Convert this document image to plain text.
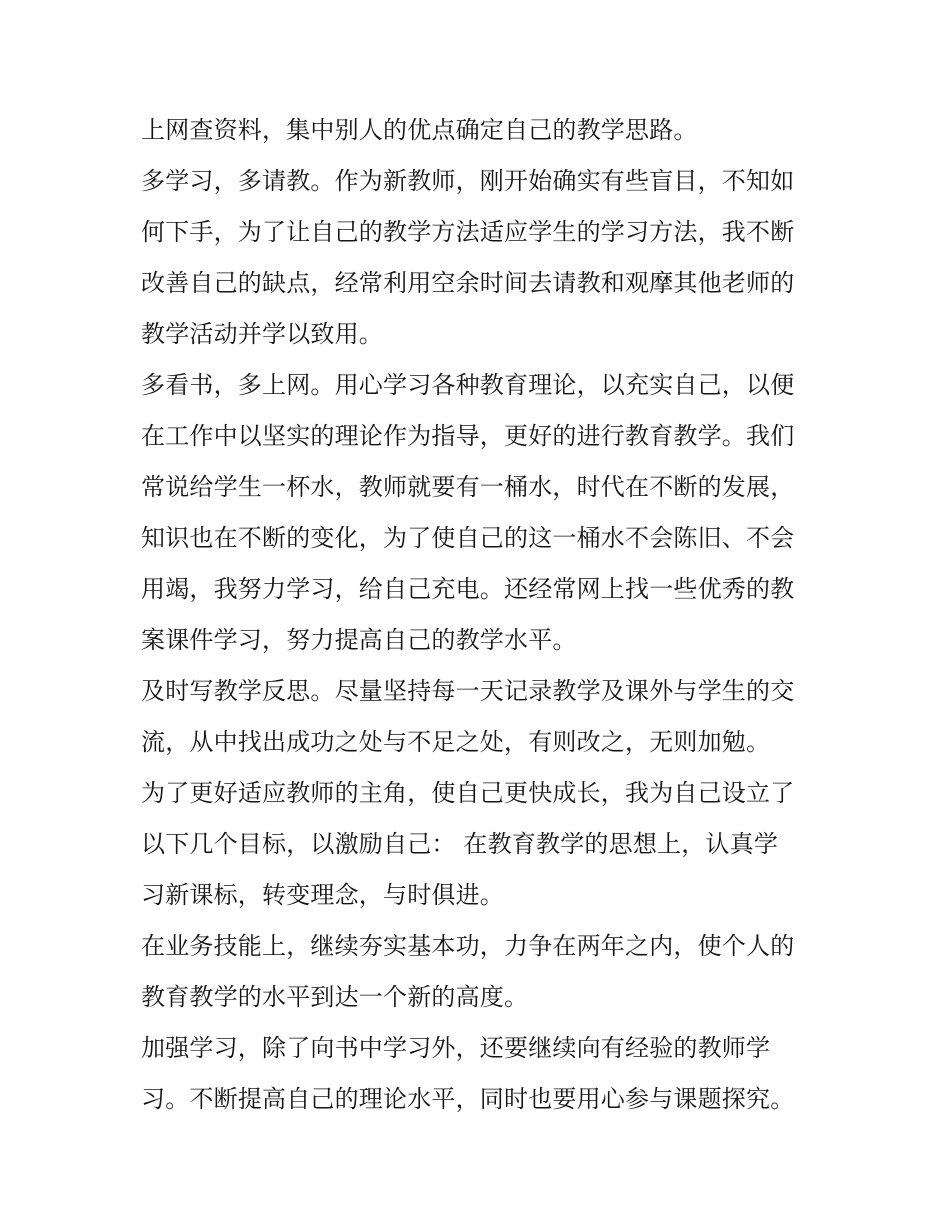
上网查资料，集中别人的优点确定自己的教学思路。
多学习，多请教。作为新教师，刚开始确实有些盲目，不知如
何下手，为了让自己的教学方法适应学生的学习方法，我不断
改善自己的缺点，经常利用空余时间去请教和观摩其他老师的
教学活动并学以致用。
多看书，多上网。用心学习各种教育理论，以充实自己，以便
在工作中以坚实的理论作为指导，更好的进行教育教学。我们
常说给学生一杯水，教师就要有一桶水，时代在不断的发展，
知识也在不断的变化，为了使自己的这一桶水不会陈旧、不会
用竭，我努力学习，给自己充电。还经常网上找一些优秀的教
案课件学习，努力提高自己的教学水平。
及时写教学反思。尽量坚持每一天记录教学及课外与学生的交
流，从中找出成功之处与不足之处，有则改之，无则加勉。
为了更好适应教师的主角，使自己更快成长，我为自己设立了
以下几个目标，以激励自己： 在教育教学的思想上，认真学
习新课标，转变理念，与时俱进。
在业务技能上，继续夯实基本功，力争在两年之内，使个人的
教育教学的水平到达一个新的高度。
加强学习，除了向书中学习外，还要继续向有经验的教师学
习。不断提高自己的理论水平，同时也要用心参与课题探究。
